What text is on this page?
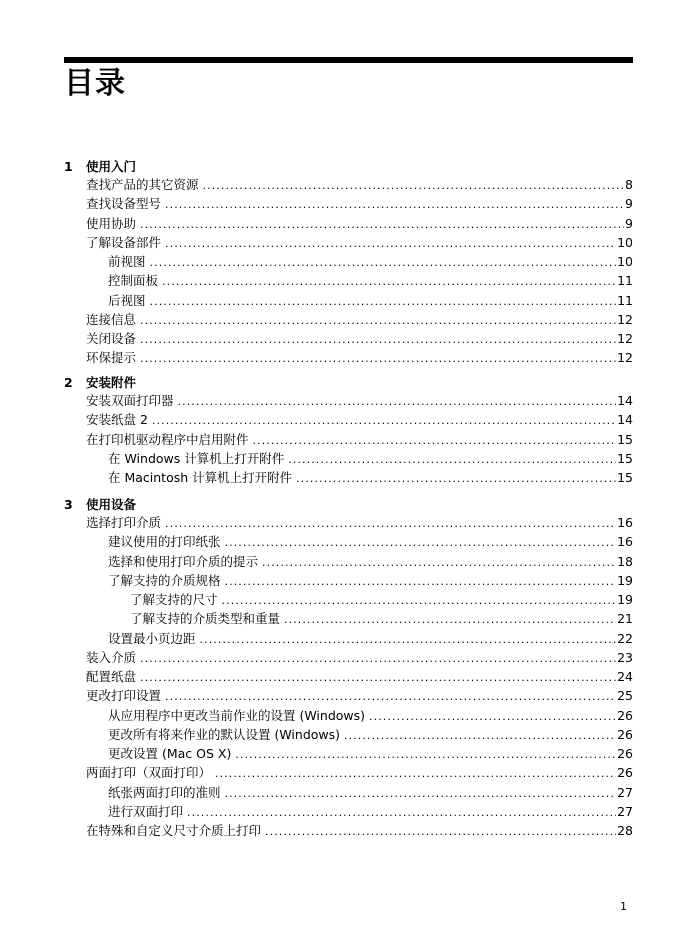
目录
1 使用入门
查找产品的其它资源 . . .	8
查找设备型号 . . .	9
使用协助 . . .	9
了解设备部件 . . .	10
前视图 . . .	10
控制面板 . . .	11
后视图 . . .	11
连接信息 . . .	12
关闭设备 . . .	12
环保提示 . . .	12
2 安装附件
安装双面打印器 . . .	14
安装纸盘 2 . . .	14
在打印机驱动程序中启用附件 . . .	15
在 Windows 计算机上打开附件 . . .	15
在 Macintosh 计算机上打开附件 . . .	15
3 使用设备
选择打印介质 . . .	16
建议使用的打印纸张 . . .	16
选择和使用打印介质的提示 . . .	18
了解支持的介质规格 . . .	19
了解支持的尺寸 . . .	19
了解支持的介质类型和重量 . . .	21
设置最小页边距 . . .	22
装入介质 . . .	23
配置纸盘 . . .	24
更改打印设置 . . .	25
从应用程序中更改当前作业的设置 (Windows) . . .	26
更改所有将来作业的默认设置 (Windows) . . .	26
更改设置 (Mac OS X) . . .	26
两面打印（双面打印） . . .	26
纸张两面打印的准则 . . .	27
进行双面打印 . . .	27
在特殊和自定义尺寸介质上打印 . . .	28
1
